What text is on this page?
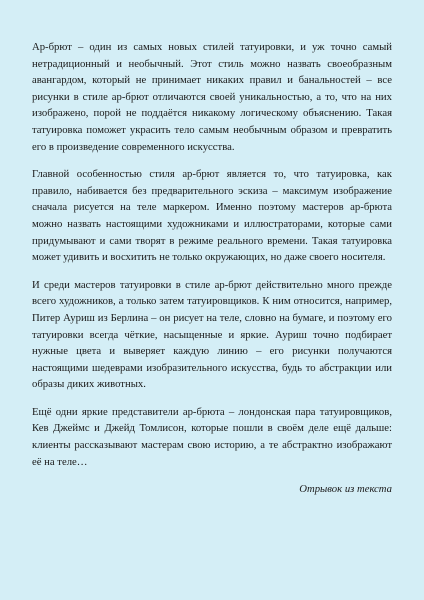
Ар-брют – один из самых новых стилей татуировки, и уж точно самый нетрадиционный и необычный. Этот стиль можно назвать своеобразным авангардом, который не принимает никаких правил и банальностей – все рисунки в стиле ар-брют отличаются своей уникальностью, а то, что на них изображено, порой не поддаётся никакому логическому объяснению. Такая татуировка поможет украсить тело самым необычным образом и превратить его в произведение современного искусства.

Главной особенностью стиля ар-брют является то, что татуировка, как правило, набивается без предварительного эскиза – максимум изображение сначала рисуется на теле маркером. Именно поэтому мастеров ар-брюта можно назвать настоящими художниками и иллюстраторами, которые сами придумывают и сами творят в режиме реального времени. Такая татуировка может удивить и восхитить не только окружающих, но даже своего носителя.

И среди мастеров татуировки в стиле ар-брют действительно много прежде всего художников, а только затем татуировщиков. К ним относится, например, Питер Ауриш из Берлина – он рисует на теле, словно на бумаге, и поэтому его татуировки всегда чёткие, насыщенные и яркие. Ауриш точно подбирает нужные цвета и выверяет каждую линию – его рисунки получаются настоящими шедеврами изобразительного искусства, будь то абстракции или образы диких животных.

Ещё одни яркие представители ар-брюта – лондонская пара татуировщиков, Кев Джеймс и Джейд Томлисон, которые пошли в своём деле ещё дальше: клиенты рассказывают мастерам свою историю, а те абстрактно изображают её на теле…

Отрывок из текста
